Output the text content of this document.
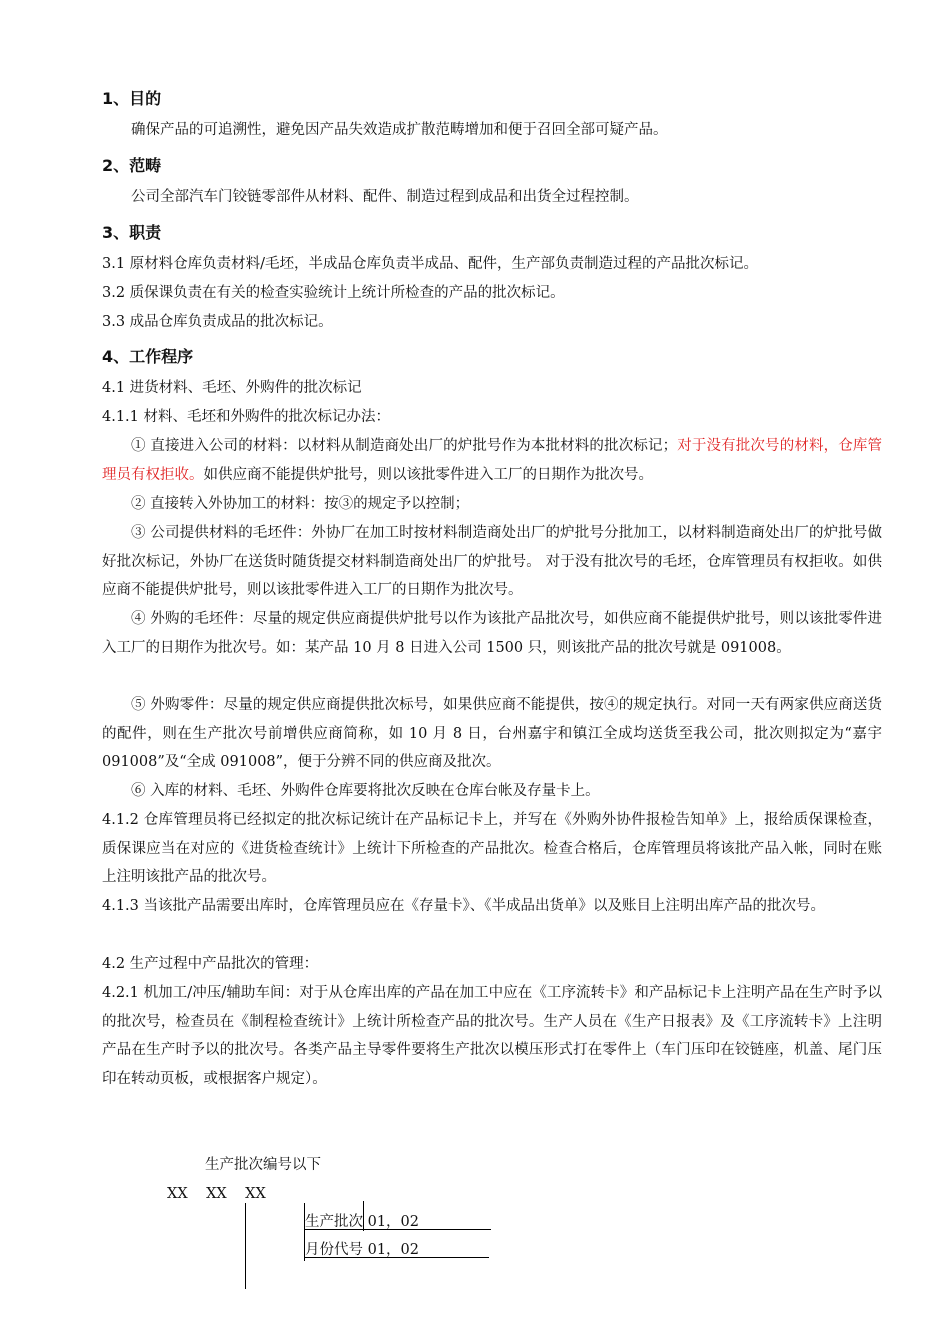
1、目的
确保产品的可追溯性，避免因产品失效造成扩散范畴增加和便于召回全部可疑产品。
2、范畴
公司全部汽车门铰链零部件从材料、配件、制造过程到成品和出货全过程控制。
3、职责
3.1 原材料仓库负责材料/毛坯，半成品仓库负责半成品、配件，生产部负责制造过程的产品批次标记。
3.2 质保课负责在有关的检查实验统计上统计所检查的产品的批次标记。
3.3 成品仓库负责成品的批次标记。
4、工作程序
4.1 进货材料、毛坯、外购件的批次标记
4.1.1 材料、毛坯和外购件的批次标记办法：
① 直接进入公司的材料：以材料从制造商处出厂的炉批号作为本批材料的批次标记；对于没有批次号的材料，仓库管理员有权拒收。如供应商不能提供炉批号，则以该批零件进入工厂的日期作为批次号。
② 直接转入外协加工的材料：按③的规定予以控制；
③ 公司提供材料的毛坯件：外协厂在加工时按材料制造商处出厂的炉批号分批加工，以材料制造商处出厂的炉批号做好批次标记，外协厂在送货时随货提交材料制造商处出厂的炉批号。 对于没有批次号的毛坯，仓库管理员有权拒收。如供应商不能提供炉批号，则以该批零件进入工厂的日期作为批次号。
④ 外购的毛坯件：尽量的规定供应商提供炉批号以作为该批产品批次号，如供应商不能提供炉批号，则以该批零件进入工厂的日期作为批次号。如：某产品 10 月 8 日进入公司 1500 只，则该批产品的批次号就是 091008。
⑤ 外购零件：尽量的规定供应商提供批次标号，如果供应商不能提供，按④的规定执行。对同一天有两家供应商送货的配件，则在生产批次号前增供应商简称，如 10 月 8 日，台州嘉宇和镇江全成均送货至我公司，批次则拟定为“嘉宇 091008”及“全成 091008”，便于分辨不同的供应商及批次。
⑥ 入库的材料、毛坯、外购件仓库要将批次反映在仓库台帐及存量卡上。
4.1.2 仓库管理员将已经拟定的批次标记统计在产品标记卡上，并写在《外购外协件报检告知单》上，报给质保课检查，质保课应当在对应的《进货检查统计》上统计下所检查的产品批次。检查合格后，仓库管理员将该批产品入帐，同时在账上注明该批产品的批次号。
4.1.3 当该批产品需要出库时，仓库管理员应在《存量卡》、《半成品出货单》以及账目上注明出库产品的批次号。
4.2 生产过程中产品批次的管理：
4.2.1 机加工/冲压/辅助车间：对于从仓库出库的产品在加工中应在《工序流转卡》和产品标记卡上注明产品在生产时予以的批次号，检查员在《制程检查统计》上统计所检查产品的批次号。生产人员在《生产日报表》及《工序流转卡》上注明产品在生产时予以的批次号。各类产品主导零件要将生产批次以模压形式打在零件上（车门压印在铰链座，机盖、尾门压印在转动页板，或根据客户规定）。
生产批次编号以下
XX    XX    XX
生产批次 01，02
月份代号 01，02
